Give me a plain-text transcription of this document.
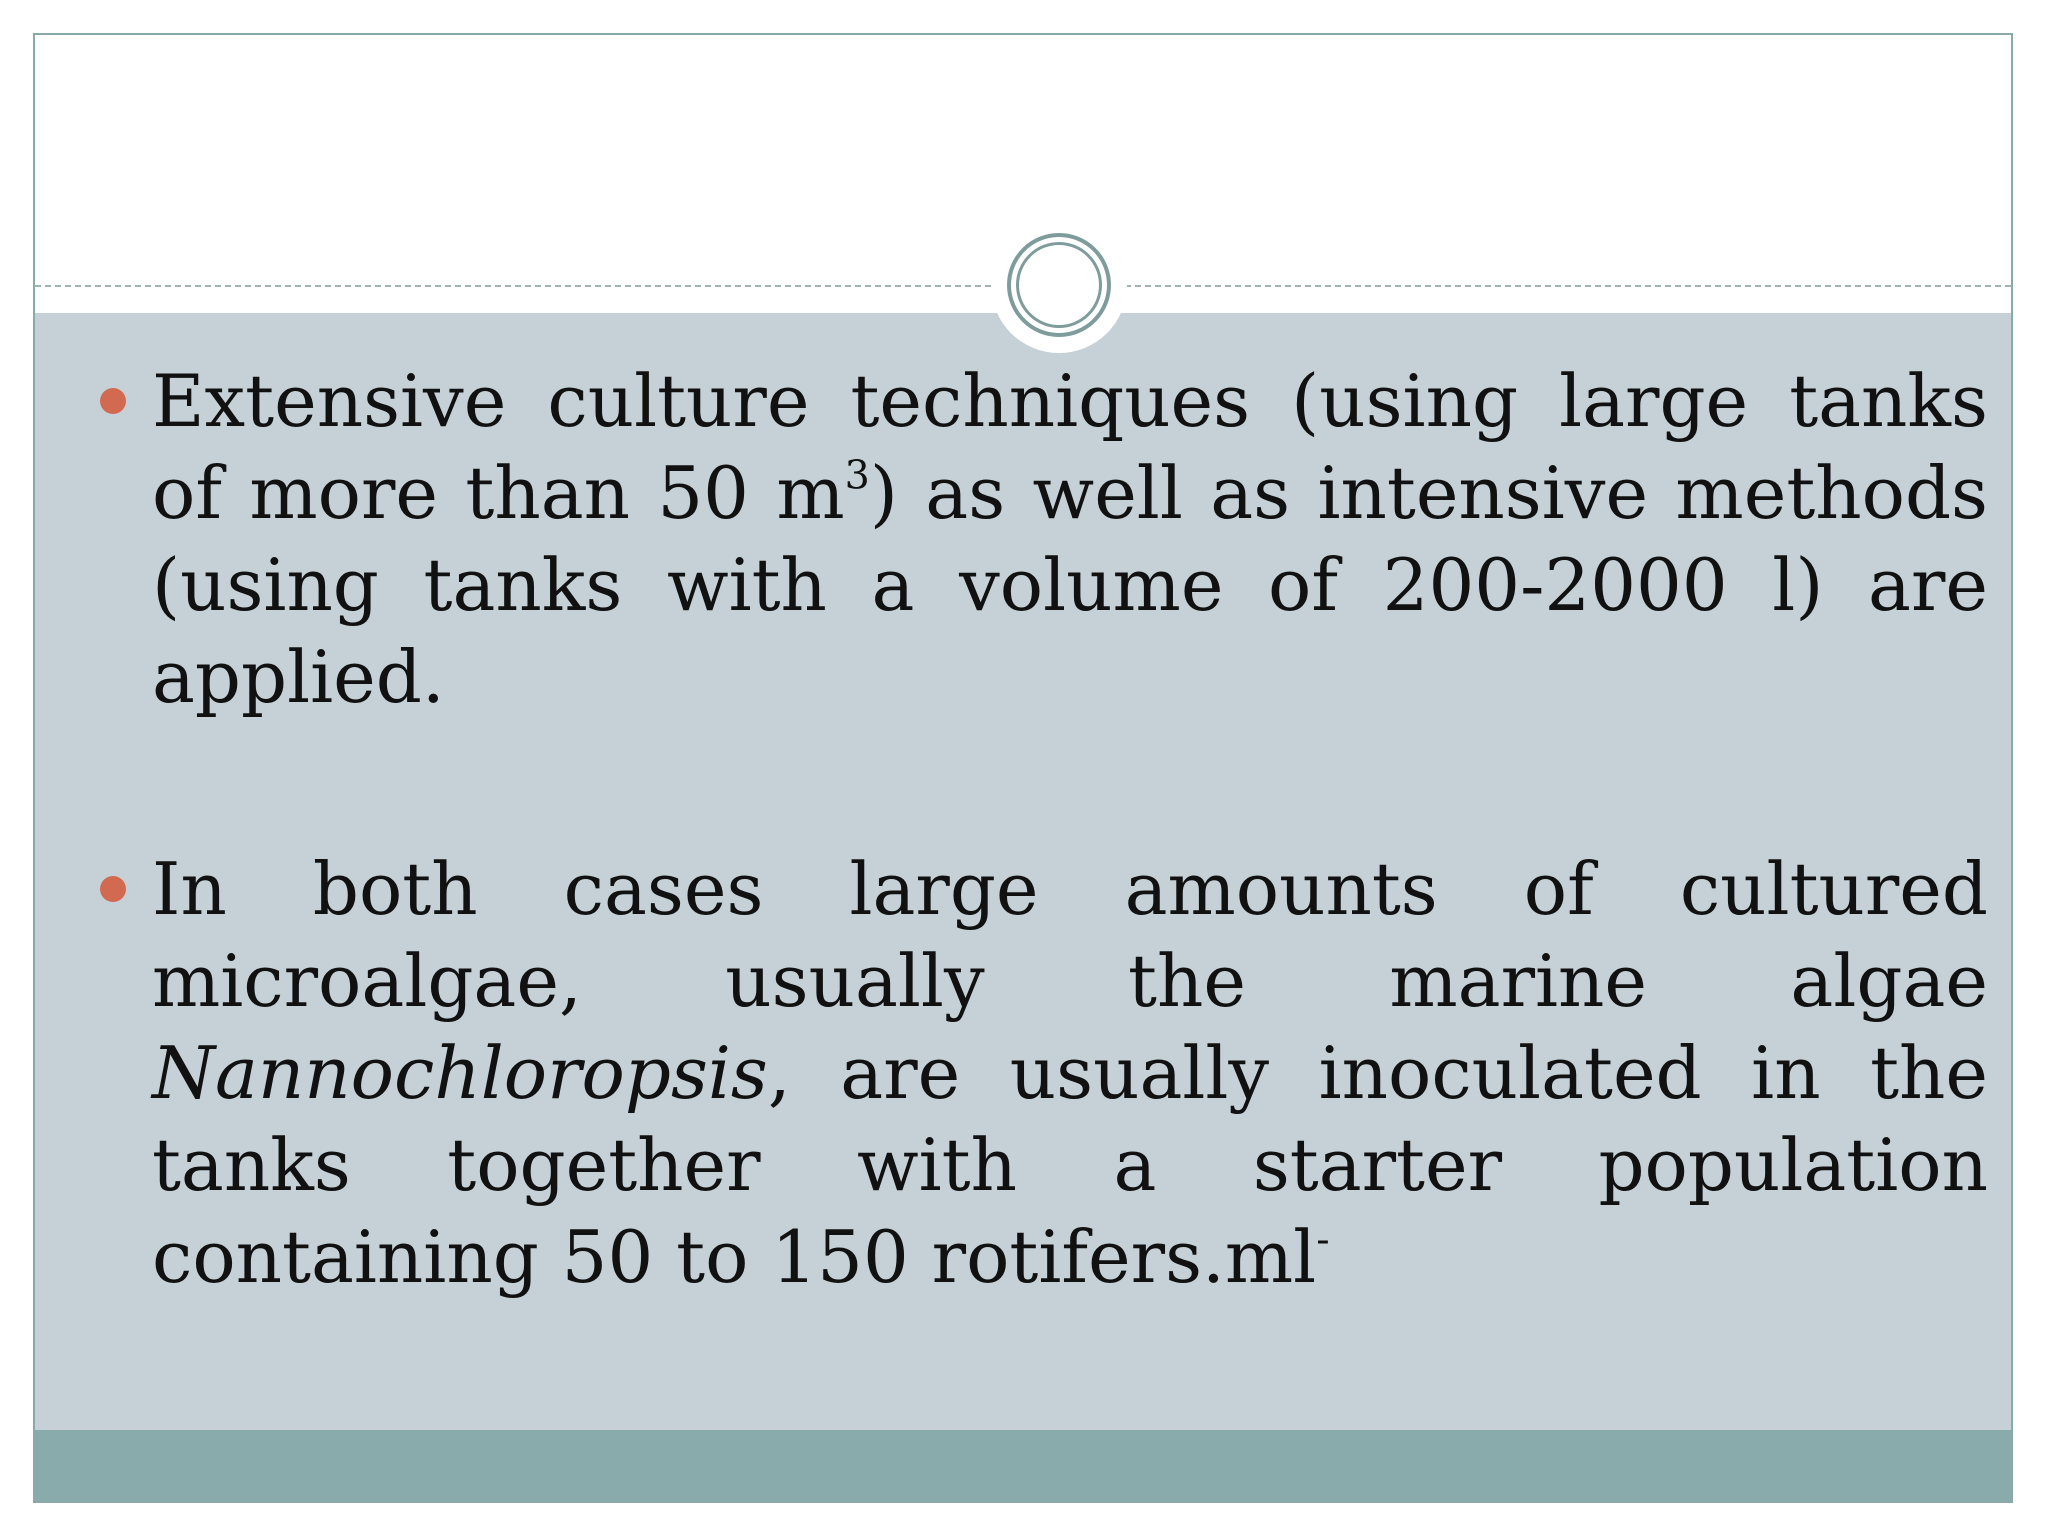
Extensive culture techniques (using large tanks of more than 50 $m^3$) as well as intensive methods (using tanks with a volume of 200-2000 l) are applied.
In both cases large amounts of cultured microalgae, usually the marine algae Nannochloropsis, are usually inoculated in the tanks together with a starter population containing 50 to 150 rotifers.ml-
